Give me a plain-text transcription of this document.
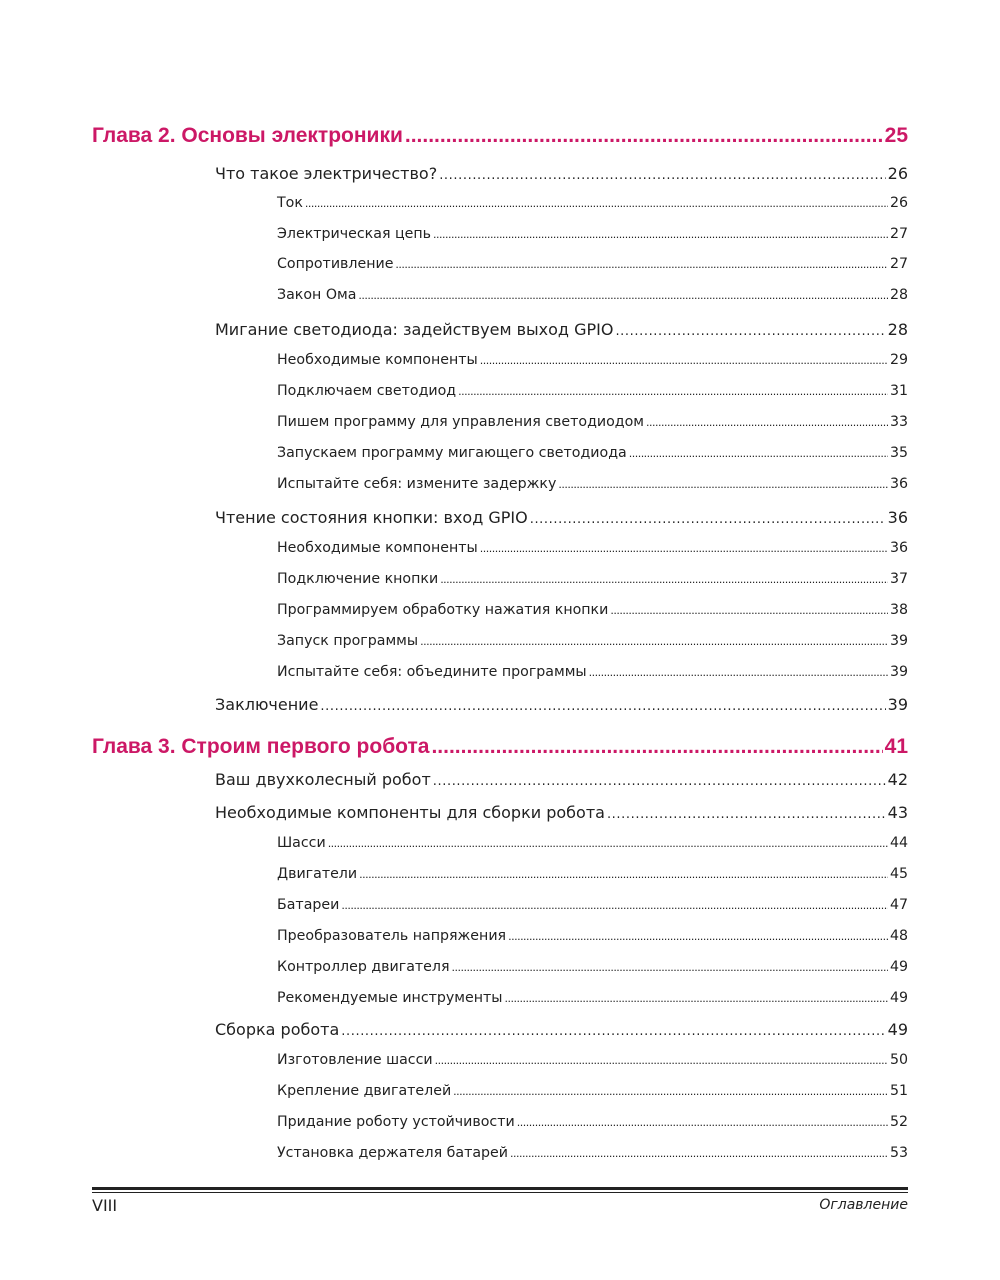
Глава 2. Основы электроники .....	25
Что такое электричество? .....	26
Ток .....	26
Электрическая цепь .....	27
Сопротивление .....	27
Закон Ома .....	28
Мигание светодиода: задействуем выход GPIO .....	28
Необходимые компоненты .....	29
Подключаем светодиод .....	31
Пишем программу для управления светодиодом .....	33
Запускаем программу мигающего светодиода .....	35
Испытайте себя: измените задержку .....	36
Чтение состояния кнопки: вход GPIO .....	36
Необходимые компоненты .....	36
Подключение кнопки .....	37
Программируем обработку нажатия кнопки .....	38
Запуск программы .....	39
Испытайте себя: объедините программы .....	39
Заключение .....	39
Глава 3. Строим первого робота .....	41
Ваш двухколесный робот .....	42
Необходимые компоненты для сборки робота .....	43
Шасси .....	44
Двигатели .....	45
Батареи .....	47
Преобразователь напряжения .....	48
Контроллер двигателя .....	49
Рекомендуемые инструменты .....	49
Сборка робота .....	49
Изготовление шасси .....	50
Крепление двигателей .....	51
Придание роботу устойчивости .....	52
Установка держателя батарей .....	53
VIII	Оглавление
